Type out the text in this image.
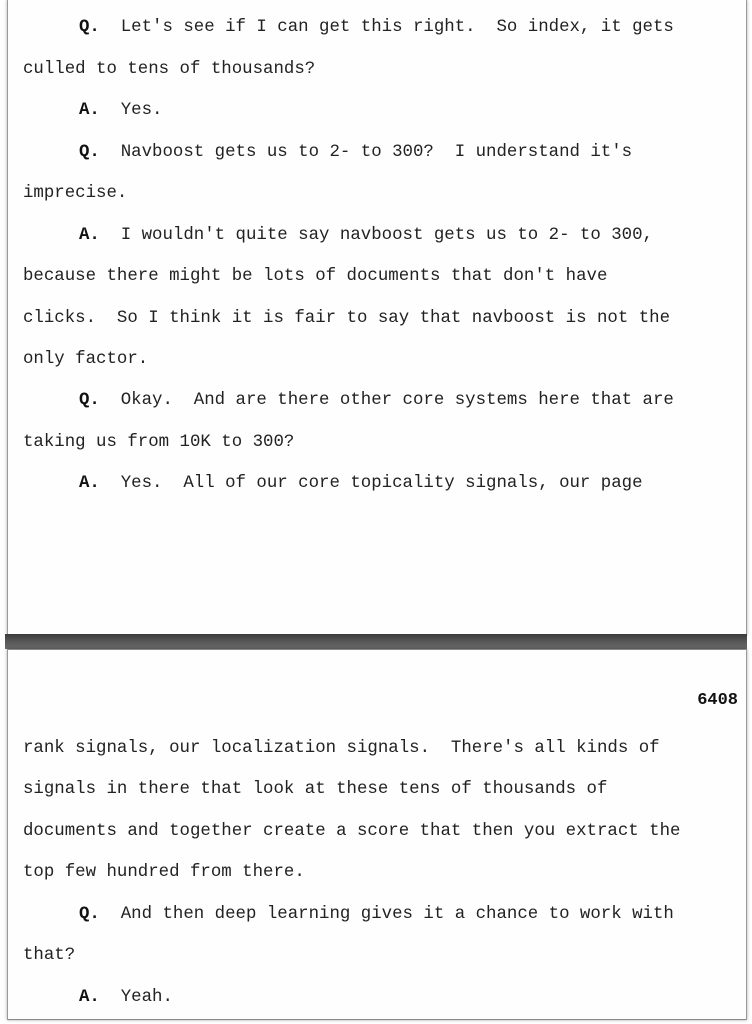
Q.  Let's see if I can get this right.  So index, it gets
culled to tens of thousands?
A.  Yes.
Q.  Navboost gets us to 2- to 300?  I understand it's
imprecise.
A.  I wouldn't quite say navboost gets us to 2- to 300,
because there might be lots of documents that don't have
clicks.  So I think it is fair to say that navboost is not the
only factor.
Q.  Okay.  And are there other core systems here that are
taking us from 10K to 300?
A.  Yes.  All of our core topicality signals, our page
6408
rank signals, our localization signals.  There's all kinds of
signals in there that look at these tens of thousands of
documents and together create a score that then you extract the
top few hundred from there.
Q.  And then deep learning gives it a chance to work with
that?
A.  Yeah.
